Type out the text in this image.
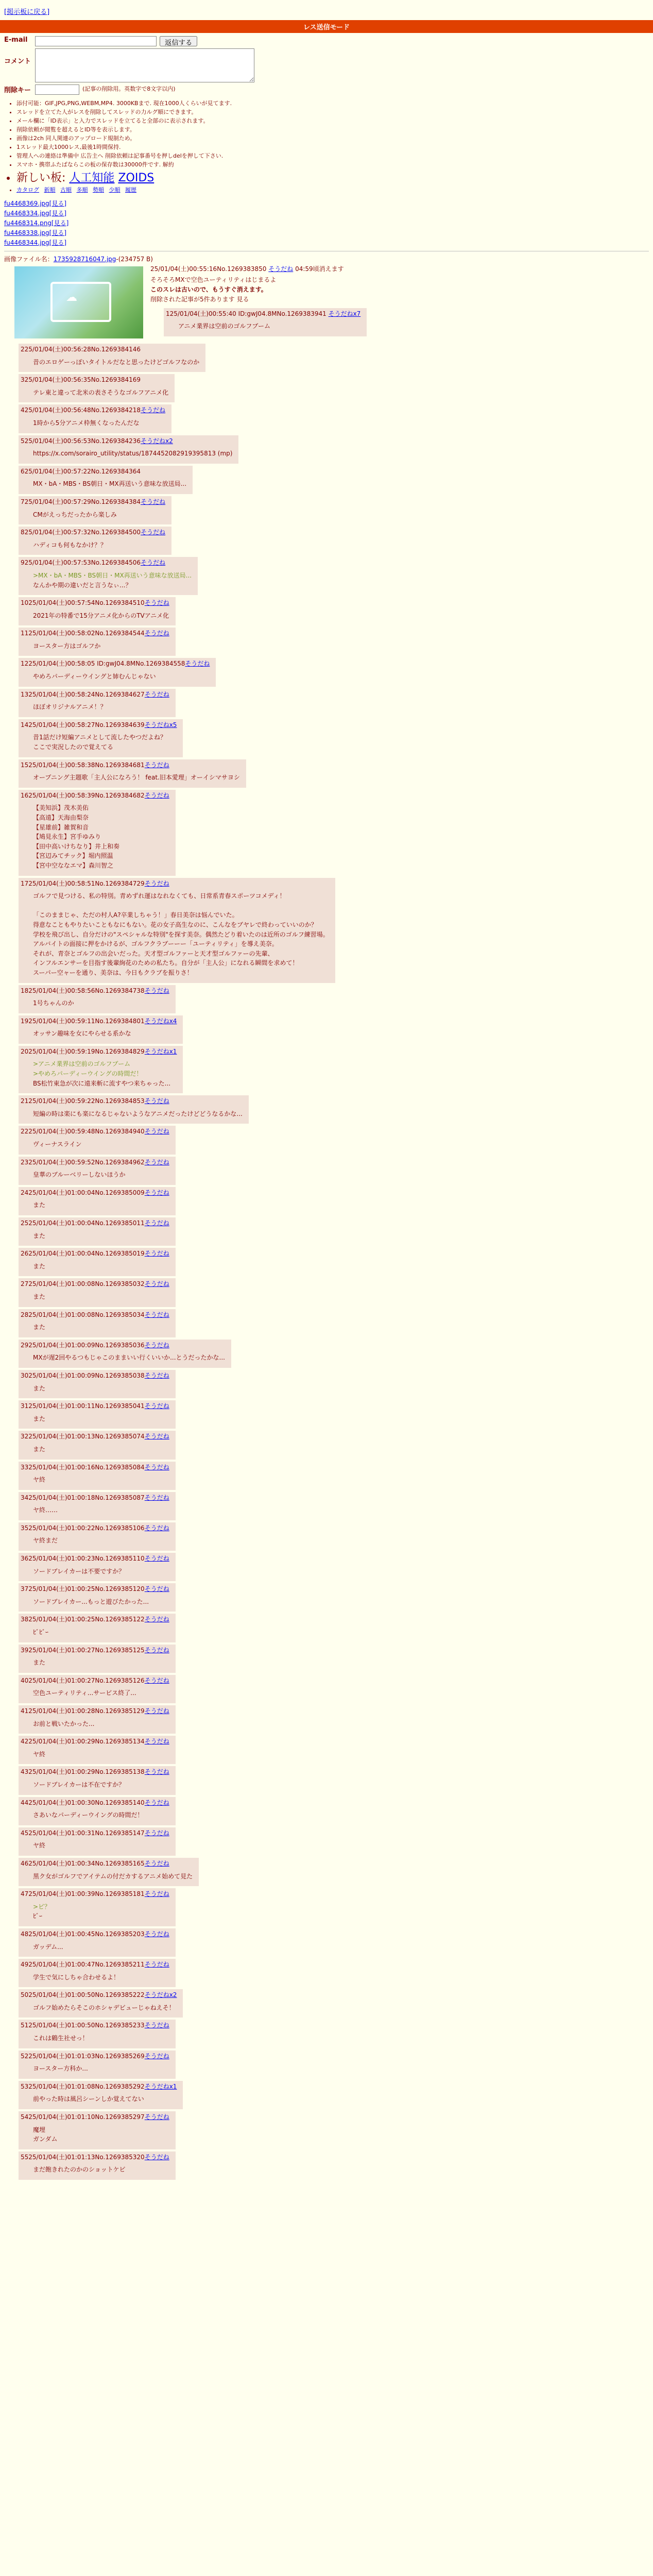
[掲示板に戻る]
レス送信モード
E-mail	返信する
コメント
削除キー	(記事の削除用。英数字で8文字以内)
• 添付可能：GIF,JPG,PNG,WEBM,MP4. 3000KBまで. 現在1000人くらいが見てます.
• スレッドを立てた人がレスを削除してスレッドの力ルグ順にできます。
• メール欄に「ID表示」と入力でスレッドを立てると全部のに表示されます。
• 削除依頼が閲覧を超えるとID等を表示します。
• 画像は2ch 同人関連のアップロード規制ため。
• 1スレッド最大1000レス,最後1時間保持.
• 管理人への連絡は準備中 広告主へ 削除依頼は記事番号を押しdelを押して下さい.
• スマホ・携帯ふたばならこの板の保存数は30000件です. 解約
• 新しい板: 人工知能 ZOIDS
• カタログ 新順 古順 多順 勢順 少順 履歴
fu4468369.jpg[見る]
fu4468334.jpg[見る]
fu4468314.png[見る]
fu4468338.jpg[見る]
fu4468344.jpg[見る]
画像ファイル名：1735928716047.jpg-(234757 B)
☁
25/01/04(土)00:55:16No.1269383850 そうだね 04:59頃消えます
そろそろMXで空色ユーティリティはじまるよ
このスレは古いので、もうすぐ消えます。
削除された記事が5件あります 見る
125/01/04(土)00:55:40 ID:gwJ04.8MNo.1269383941 そうだねx7
アニメ業界は空前のゴルフブーム
225/01/04(土)00:56:28No.1269384146
昔のエロゲーっぽいタイトルだなと思ったけどゴルフなのか
325/01/04(土)00:56:35No.1269384169
テレ東と違って北米の表さそうなゴルフアニメ化
425/01/04(土)00:56:48No.1269384218そうだね
1時から5分アニメ枠無くなったんだな
525/01/04(土)00:56:53No.1269384236そうだねx2
https://x.com/sorairo_utility/status/1874452082919395813 (mp)
625/01/04(土)00:57:22No.1269384364
MX・bA・MBS・BS朝日・MX再送いう意味な放送局...
725/01/04(土)00:57:29No.1269384384そうだね
CMがえっちだったから楽しみ
825/01/04(土)00:57:32No.1269384500そうだね
ハディコも何もなかけ？？
925/01/04(土)00:57:53No.1269384506そうだね
>MX・bA・MBS・BS朝日・MX再送いう意味な放送局...
なんかや期の違いだと言うなぃ...？
1025/01/04(土)00:57:54No.1269384510そうだね
2021年の特番で15分アニメ化からのTVアニメ化
1125/01/04(土)00:58:02No.1269384544そうだね
ヨースター方はゴルフか
1225/01/04(土)00:58:05 ID:gwJ04.8MNo.1269384558そうだね
やめろパーディーウイングと姉むんじゃない
1325/01/04(土)00:58:24No.1269384627そうだね
ほぼオリジナルアニメ！？
1425/01/04(土)00:58:27No.1269384639そうだねx5
昔1話だけ短編アニメとして流したやつだよね？
ここで実況したので覚えてる
1525/01/04(土)00:58:38No.1269384681そうだね
オープニング主題歌「主人公になろう！ feat.旧本愛理」オーイシマサヨシ
1625/01/04(土)00:58:39No.1269384682そうだね
【美知浜】茂木美佑
【高遠】天海由梨奈
【星雄前】雑賀和音
【鳩見永生】宮手ゆみり
【田中高いけちなり】井上和奏
【宮辺みてチック】堀内照温
【宮中空ななエマ】森川智之
1725/01/04(土)00:58:51No.1269384729そうだね
ゴルフで見つける、私の特別。青めずれ運はなれなくても、日常系青春スポーツコメディ！

「このままじゃ、ただの村人A?卒業しちゃう！」春日美奈は悩んでいた。
得意なこともやりたいこともなにもない。花の女子高生なのに、こんなをブヤレで終わっていいのか？
学校を飛び出し、自分だけの"スペシャルな特別"を探す美奈。偶然たどり着いたのは近所のゴルフ練習場。
アルバイトの面接に押をかけるが、ゴルフクラブーーー「ユーティリティ」を導え美奈。
それが、青奈とゴルフの出会いだった。天才型ゴルファーと天才型ゴルファーの先輩、
インフルエンサーを目指す後輩絢花のための私たち。自分が「主人公」になれる瞬間を求めて！
スーパー空ャーを通り、美奈は、今日もクラブを振りさ！
1825/01/04(土)00:58:56No.1269384738そうだね
1号ちゃんのか
1925/01/04(土)00:59:11No.1269384801そうだねx4
オッサン趣味を女にやらせる系かな
2025/01/04(土)00:59:19No.1269384829そうだねx1
>アニメ業界は空前のゴルフブーム
>やめろパーディーウイングの時間だ！
BS松竹東急が次に遠来斬に流すやつ来ちゃった...
2125/01/04(土)00:59:22No.1269384853そうだね
短編の時は楽にも楽になるじゃないようなアニメだったけどどうなるかな...
2225/01/04(土)00:59:48No.1269384940そうだね
ヴィーナスライン
2325/01/04(土)00:59:52No.1269384962そうだね
皇華のブルーベリーしないほうか
2425/01/04(土)01:00:04No.1269385009そうだね
また
2525/01/04(土)01:00:04No.1269385011そうだね
また
2625/01/04(土)01:00:04No.1269385019そうだね
また
2725/01/04(土)01:00:08No.1269385032そうだね
また
2825/01/04(土)01:00:08No.1269385034そうだね
また
2925/01/04(土)01:00:09No.1269385036そうだね
MXが遅2回やるつもじゃこのままいい行くいいか...とうだったかな...
3025/01/04(土)01:00:09No.1269385038そうだね
また
3125/01/04(土)01:00:11No.1269385041そうだね
また
3225/01/04(土)01:00:13No.1269385074そうだね
また
3325/01/04(土)01:00:16No.1269385084そうだね
ヤ終
3425/01/04(土)01:00:18No.1269385087そうだね
ヤ終……
3525/01/04(土)01:00:22No.1269385106そうだね
ヤ終まだ
3625/01/04(土)01:00:23No.1269385110そうだね
ソードブレイカーは不要ですか？
3725/01/04(土)01:00:25No.1269385120そうだね
ソードブレイカー...もっと遊びたかった...
3825/01/04(土)01:00:25No.1269385122そうだね
ﾋﾞﾋﾞｰ
3925/01/04(土)01:00:27No.1269385125そうだね
また
4025/01/04(土)01:00:27No.1269385126そうだね
空色ユーティリティ...サービス終了...
4125/01/04(土)01:00:28No.1269385129そうだね
お前と戦いたかった...
4225/01/04(土)01:00:29No.1269385134そうだね
ヤ終
4325/01/04(土)01:00:29No.1269385138そうだね
ソードブレイカーは不在ですか？
4425/01/04(土)01:00:30No.1269385140そうだね
さあいなパーディーウイングの時間だ！
4525/01/04(土)01:00:31No.1269385147そうだね
ヤ終
4625/01/04(土)01:00:34No.1269385165そうだね
黒ク女がゴルフでアイテムの付だカするアニメ始めて見た
4725/01/04(土)01:00:39No.1269385181そうだね
>ビ？
ﾋﾞｰ
4825/01/04(土)01:00:45No.1269385203そうだね
ガッデム...
4925/01/04(土)01:00:47No.1269385211そうだね
学生で気にしちゃ合わせるよ！
5025/01/04(土)01:00:50No.1269385222そうだねx2
ゴルフ始めたらそこのホシャデビューじゃねえそ！
5125/01/04(土)01:00:50No.1269385233そうだね
これは鶴生社せっ！
5225/01/04(土)01:01:03No.1269385269そうだね
ヨースター方科か...
5325/01/04(土)01:01:08No.1269385292そうだねx1
前やった時は風呂シーンしか覚えてない
5425/01/04(土)01:01:10No.1269385297そうだね
魔埋
ガンダム
5525/01/04(土)01:01:13No.1269385320そうだね
まだ飽きれたのかのショットケビ
